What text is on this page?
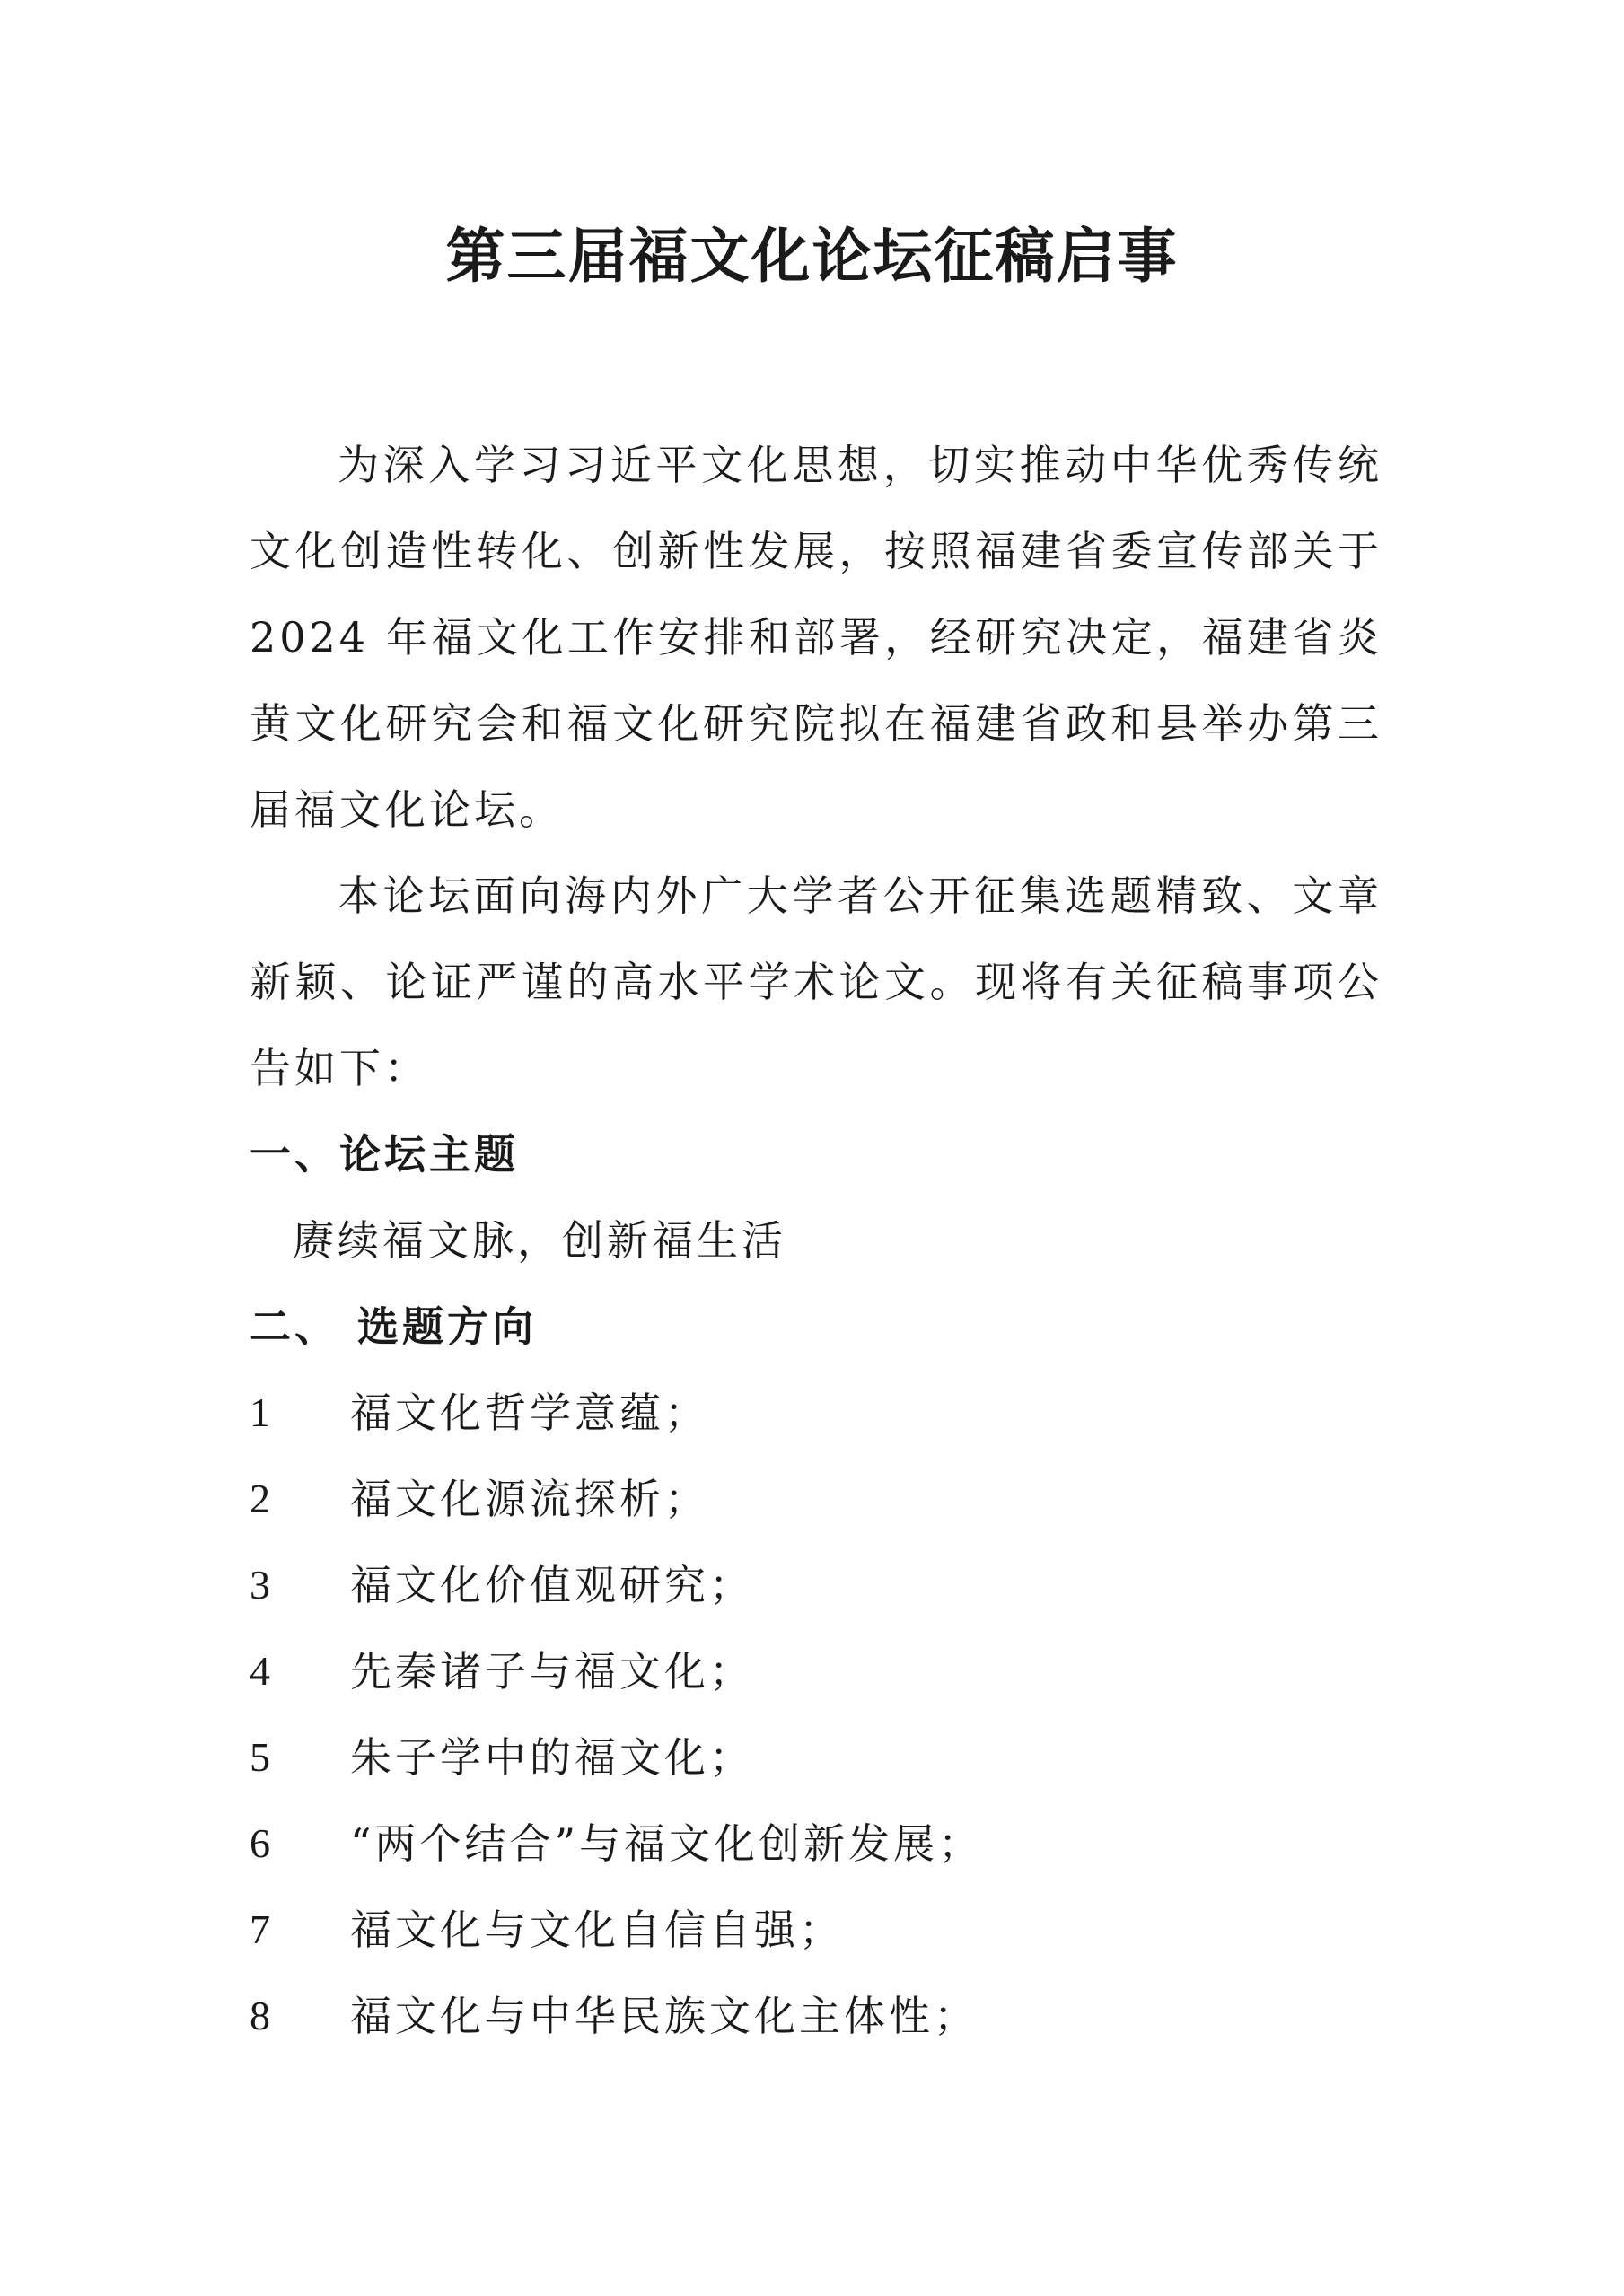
第三届福文化论坛征稿启事

为深入学习习近平文化思想，切实推动中华优秀传统文化创造性转化、创新性发展，按照福建省委宣传部关于2024 年福文化工作安排和部署，经研究决定，福建省炎黄文化研究会和福文化研究院拟在福建省政和县举办第三届福文化论坛。

本论坛面向海内外广大学者公开征集选题精致、文章新颖、论证严谨的高水平学术论文。现将有关征稿事项公告如下：

一、论坛主题

赓续福文脉，创新福生活

二、 选题方向

1	福文化哲学意蕴；
2	福文化源流探析；
3	福文化价值观研究；
4	先秦诸子与福文化；
5	朱子学中的福文化；
6	“两个结合”与福文化创新发展；
7	福文化与文化自信自强；
8	福文化与中华民族文化主体性；
